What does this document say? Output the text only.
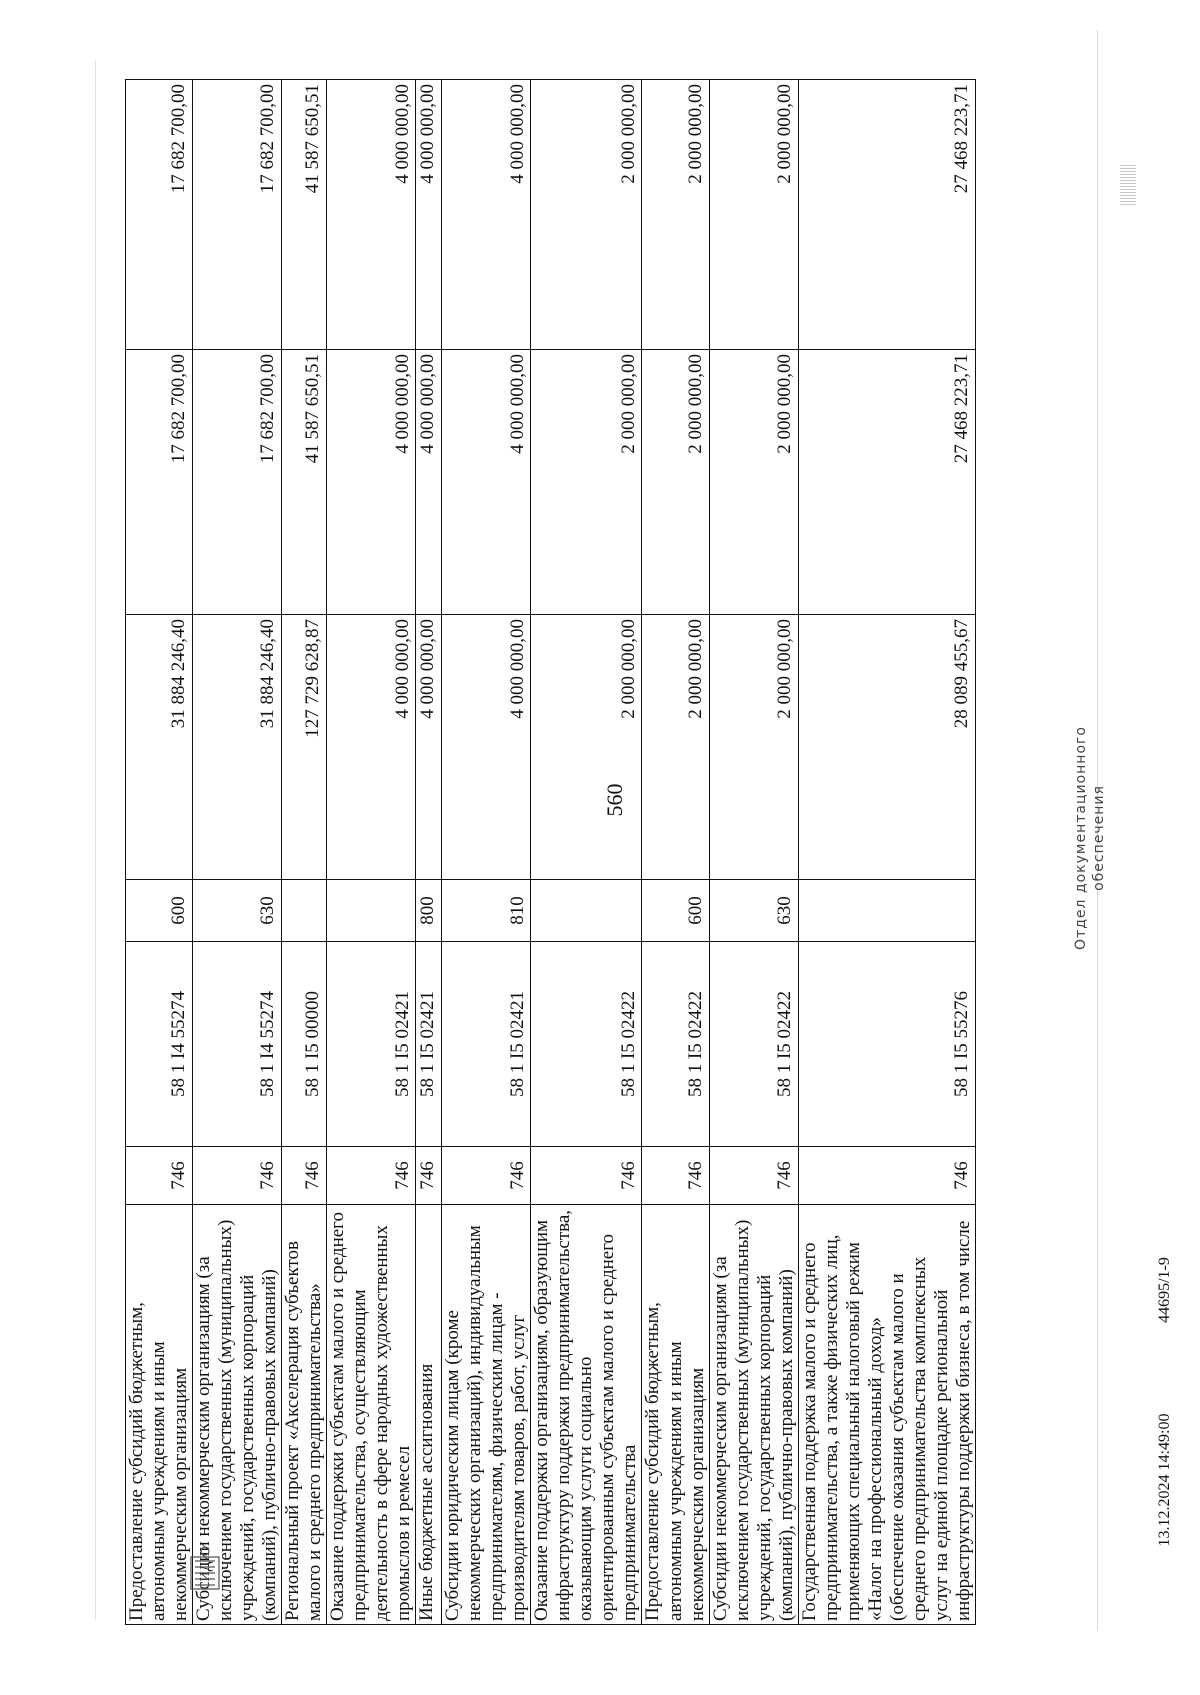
560
Предоставление субсидий бюджетным, автономным учреждениям и иным некоммерческим организациям	746	58 1 I4 55274	600	31 884 246,40	17 682 700,00	17 682 700,00
Субсидии некоммерческим организациям (за исключением государственных (муниципальных) учреждений, государственных корпораций (компаний), публично-правовых компаний)	746	58 1 I4 55274	630	31 884 246,40	17 682 700,00	17 682 700,00
Региональный проект «Акселерация субъектов малого и среднего предпринимательства»	746	58 1 I5 00000		127 729 628,87	41 587 650,51	41 587 650,51
Оказание поддержки субъектам малого и среднего предпринимательства, осуществляющим деятельность в сфере народных художественных промыслов и ремесел	746	58 1 I5 02421		4 000 000,00	4 000 000,00	4 000 000,00
Иные бюджетные ассигнования	746	58 1 I5 02421	800	4 000 000,00	4 000 000,00	4 000 000,00
Субсидии юридическим лицам (кроме некоммерческих организаций), индивидуальным предпринимателям, физическим лицам - производителям товаров, работ, услуг	746	58 1 I5 02421	810	4 000 000,00	4 000 000,00	4 000 000,00
Оказание поддержки организациям, образующим инфраструктуру поддержки предпринимательства, оказывающим услуги социально ориентированным субъектам малого и среднего предпринимательства	746	58 1 I5 02422		2 000 000,00	2 000 000,00	2 000 000,00
Предоставление субсидий бюджетным, автономным учреждениям и иным некоммерческим организациям	746	58 1 I5 02422	600	2 000 000,00	2 000 000,00	2 000 000,00
Субсидии некоммерческим организациям (за исключением государственных (муниципальных) учреждений, государственных корпораций (компаний), публично-правовых компаний)	746	58 1 I5 02422	630	2 000 000,00	2 000 000,00	2 000 000,00
Государственная поддержка малого и среднего предпринимательства, а также физических лиц, применяющих специальный налоговый режим «Налог на профессиональный доход» (обеспечение оказания субъектам малого и среднего предпринимательства комплексных услуг на единой площадке региональной инфраструктуры поддержки бизнеса, в том числе	746	58 1 I5 55276		28 089 455,67	27 468 223,71	27 468 223,71
13.12.2024 14:49:00
44695/1-9
Отдел документационного обеспечения
